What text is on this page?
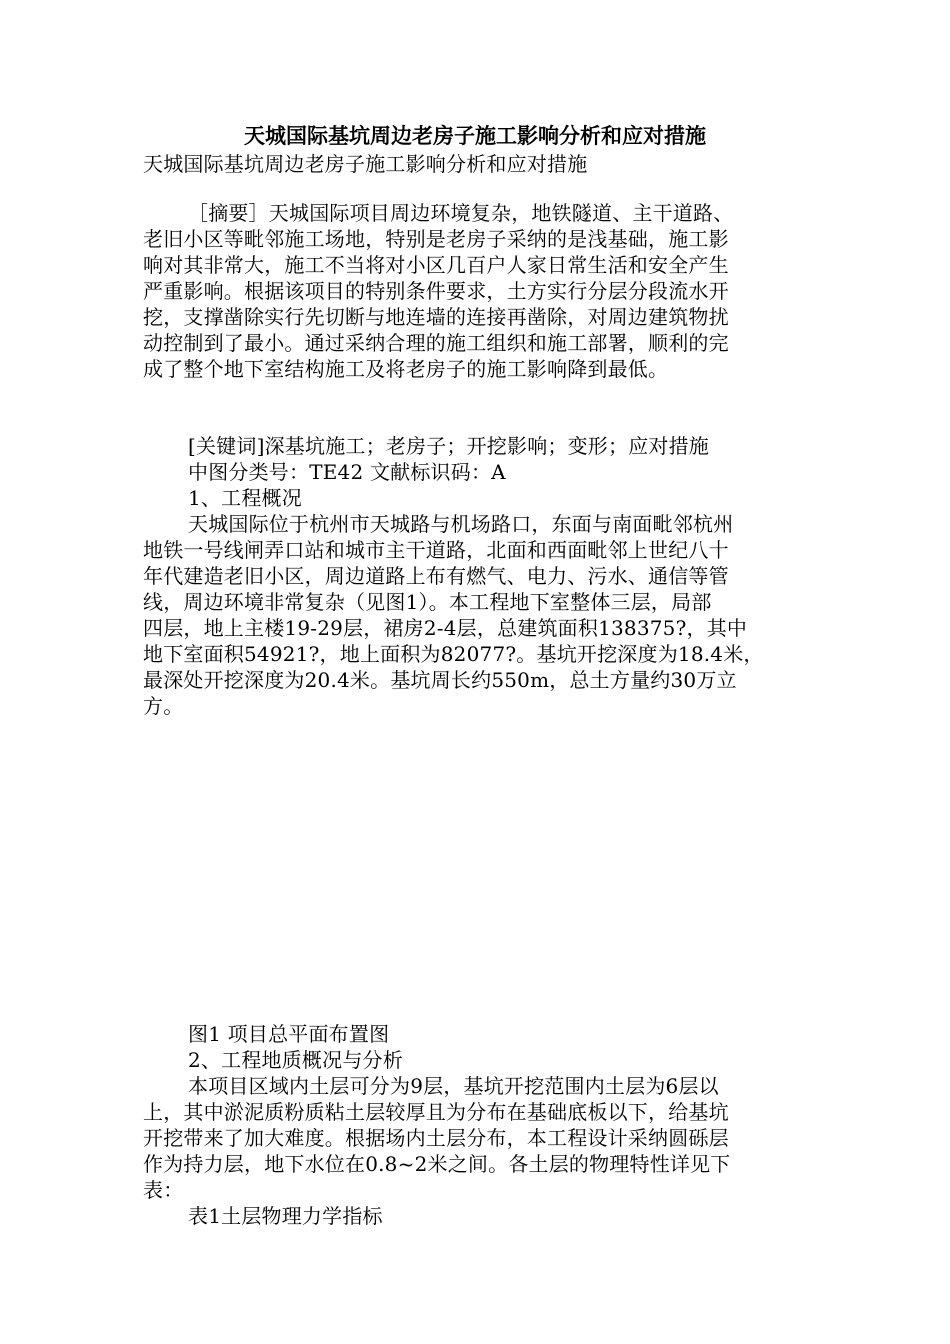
天城国际基坑周边老房子施工影响分析和应对措施
天城国际基坑周边老房子施工影响分析和应对措施
［摘要］天城国际项目周边环境复杂，地铁隧道、主干道路、
老旧小区等毗邻施工场地，特别是老房子采纳的是浅基础，施工影
响对其非常大，施工不当将对小区几百户人家日常生活和安全产生
严重影响。根据该项目的特别条件要求，土方实行分层分段流水开
挖，支撑凿除实行先切断与地连墙的连接再凿除，对周边建筑物扰
动控制到了最小。通过采纳合理的施工组织和施工部署，顺利的完
成了整个地下室结构施工及将老房子的施工影响降到最低。
[关键词]深基坑施工；老房子；开挖影响；变形；应对措施
中图分类号：TE42 文献标识码：A
1、工程概况
天城国际位于杭州市天城路与机场路口，东面与南面毗邻杭州
地铁一号线闸弄口站和城市主干道路，北面和西面毗邻上世纪八十
年代建造老旧小区，周边道路上布有燃气、电力、污水、通信等管
线，周边环境非常复杂（见图1）。本工程地下室整体三层，局部
四层，地上主楼19-29层，裙房2-4层，总建筑面积138375?，其中
地下室面积54921?，地上面积为82077?。基坑开挖深度为18.4米，
最深处开挖深度为20.4米。基坑周长约550m，总土方量约30万立
方。
图1 项目总平面布置图
2、工程地质概况与分析
本项目区域内土层可分为9层，基坑开挖范围内土层为6层以
上，其中淤泥质粉质粘土层较厚且为分布在基础底板以下，给基坑
开挖带来了加大难度。根据场内土层分布，本工程设计采纳圆砾层
作为持力层，地下水位在0.8~2米之间。各土层的物理特性详见下
表：
表1土层物理力学指标
